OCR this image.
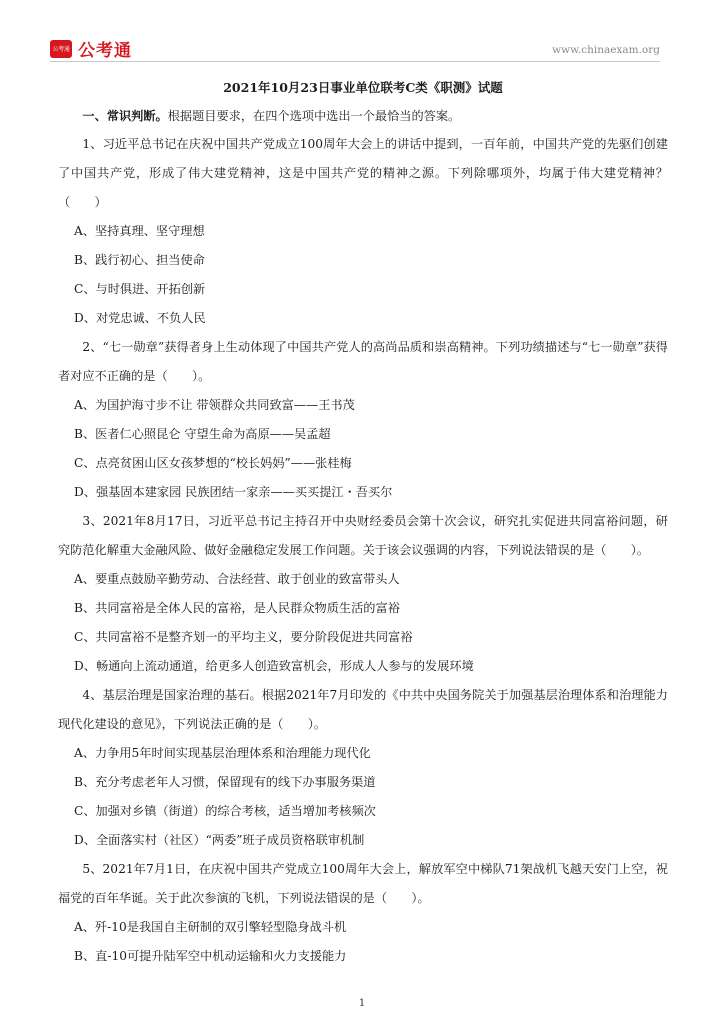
公考通 公考通	www.chinaexam.org
2021年10月23日事业单位联考C类《职测》试题
一、常识判断。根据题目要求，在四个选项中选出一个最恰当的答案。
1、习近平总书记在庆祝中国共产党成立100周年大会上的讲话中提到，一百年前，中国共产党的先驱们创建了中国共产党，形成了伟大建党精神，这是中国共产党的精神之源。下列除哪项外，均属于伟大建党精神？（　　）
A、坚持真理、坚守理想
B、践行初心、担当使命
C、与时俱进、开拓创新
D、对党忠诚、不负人民
2、“七一勋章”获得者身上生动体现了中国共产党人的高尚品质和崇高精神。下列功绩描述与“七一勋章”获得者对应不正确的是（　　）。
A、为国护海寸步不让 带领群众共同致富——王书茂
B、医者仁心照昆仑 守望生命为高原——吴孟超
C、点亮贫困山区女孩梦想的“校长妈妈”——张桂梅
D、强基固本建家园 民族团结一家亲——买买提江・吾买尔
3、2021年8月17日，习近平总书记主持召开中央财经委员会第十次会议，研究扎实促进共同富裕问题，研究防范化解重大金融风险、做好金融稳定发展工作问题。关于该会议强调的内容，下列说法错误的是（　　）。
A、要重点鼓励辛勤劳动、合法经营、敢于创业的致富带头人
B、共同富裕是全体人民的富裕，是人民群众物质生活的富裕
C、共同富裕不是整齐划一的平均主义，要分阶段促进共同富裕
D、畅通向上流动通道，给更多人创造致富机会，形成人人参与的发展环境
4、基层治理是国家治理的基石。根据2021年7月印发的《中共中央国务院关于加强基层治理体系和治理能力现代化建设的意见》，下列说法正确的是（　　）。
A、力争用5年时间实现基层治理体系和治理能力现代化
B、充分考虑老年人习惯，保留现有的线下办事服务渠道
C、加强对乡镇（街道）的综合考核，适当增加考核频次
D、全面落实村（社区）“两委”班子成员资格联审机制
5、2021年7月1日，在庆祝中国共产党成立100周年大会上，解放军空中梯队71架战机飞越天安门上空，祝福党的百年华诞。关于此次参演的飞机，下列说法错误的是（　　）。
A、歼-10是我国自主研制的双引擎轻型隐身战斗机
B、直-10可提升陆军空中机动运输和火力支援能力
1
